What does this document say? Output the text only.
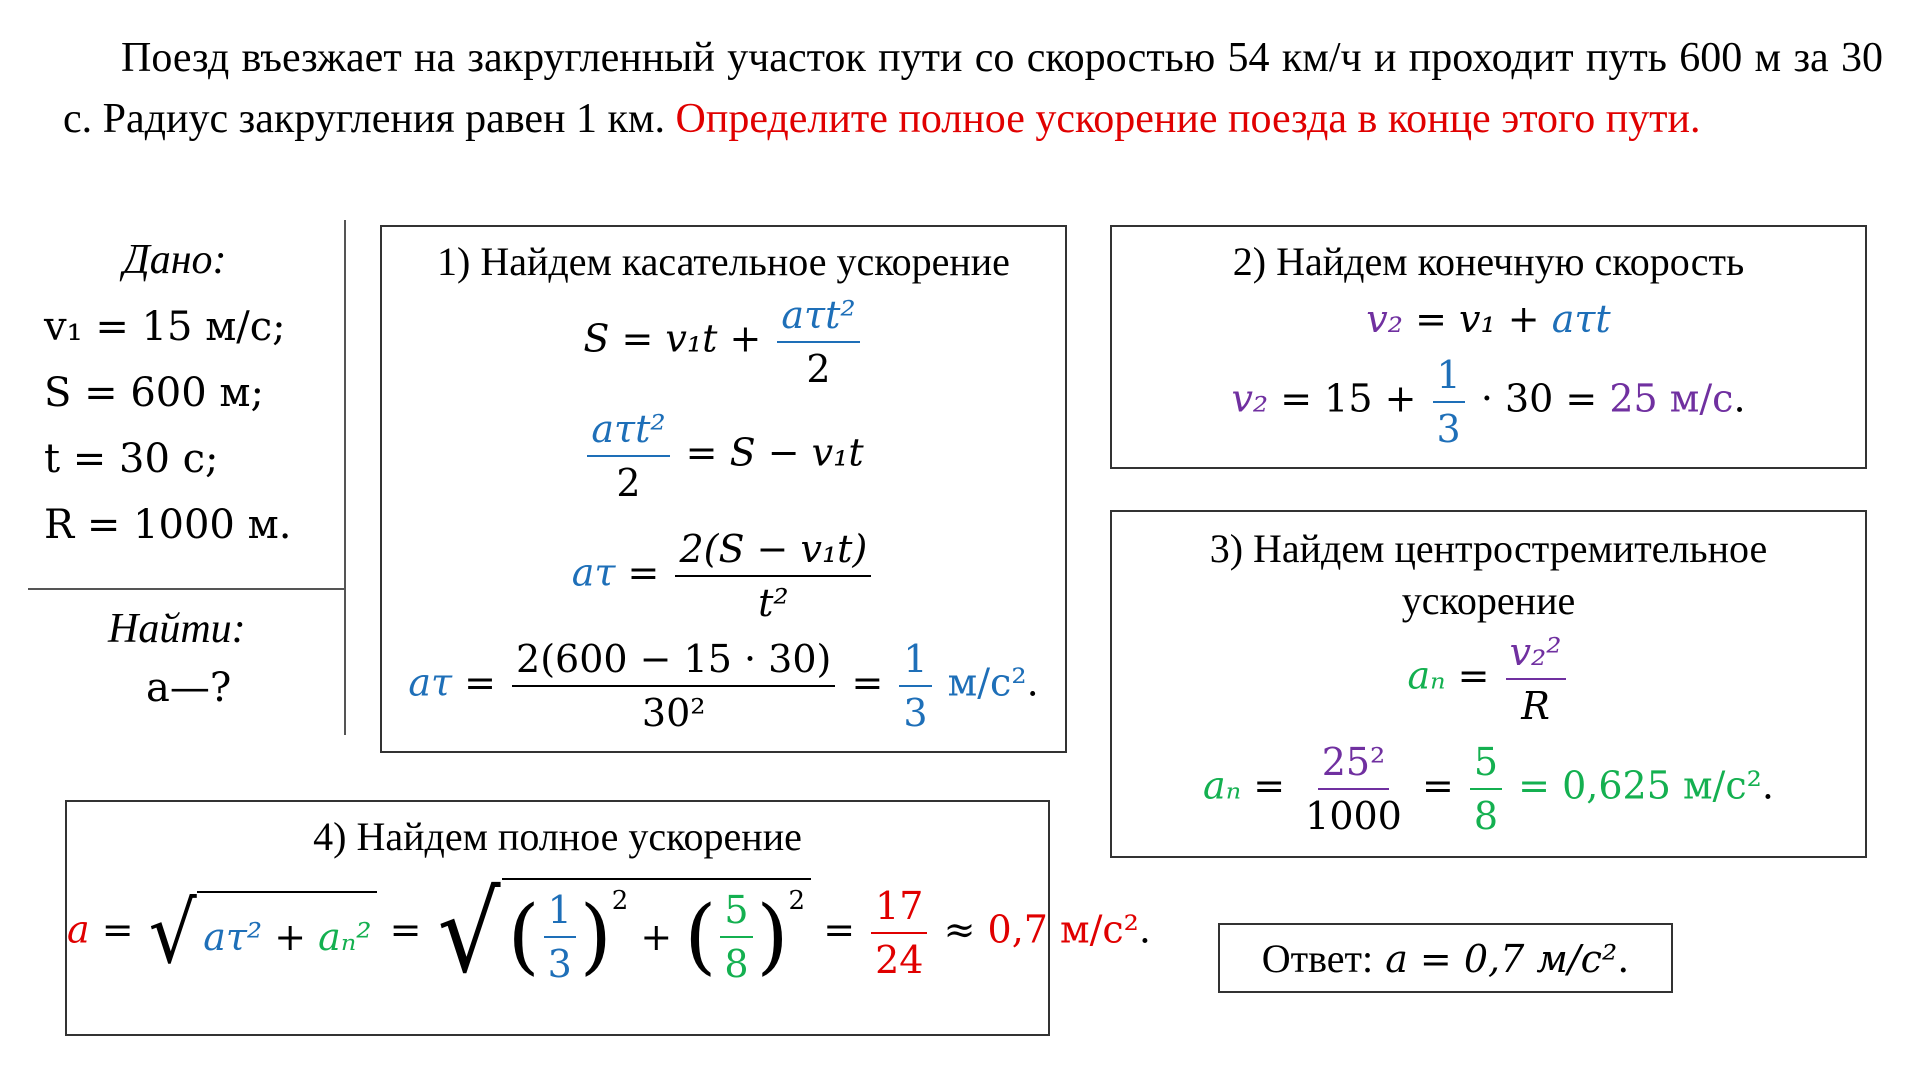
Поезд въезжает на закругленный участок пути со скоростью 54 км/ч и проходит путь 600 м за 30 с. Радиус закругления равен 1 км. Определите полное ускорение поезда в конце этого пути.
Дано:
v₁ = 15 м/с;
S = 600 м;
t = 30 с;
R = 1000 м.
Найти:
a—?
1) Найдем касательное ускорение
$S = v_1t + \frac{\text{aτt²}}{2}$
$\frac{\text{aτt²}}{2} = S - v_1t$
$a\tau = \frac{\text{2(S − v₁t)}}{\text{t²}}$
$a\tau = \frac{2(600 - 15 \cdot 30)}{\text{30²}} = \frac{1}{3} м/с^2$.
2) Найдем конечную скорость
v₂ = v₁ + aτt
$v_2 = 15 + \frac{1}{3} \cdot 30 = 25$ м/с.
3) Найдем центростремительное
ускорение
$a_n = \frac{\text{v₂²}}{R}$
$a_n = \frac{\text{25²}}{1000} = \frac{5}{8} = 0,625$ м/с².
4) Найдем полное ускорение
a = √ aτ²
+
aₙ² = √ ( $\frac{1}{3} )^2$

+
( $\frac{5}{8} )^2$
= $\frac{17}{24} \approx 0,7$ м/с².
Ответ: a = 0,7 м/с².
